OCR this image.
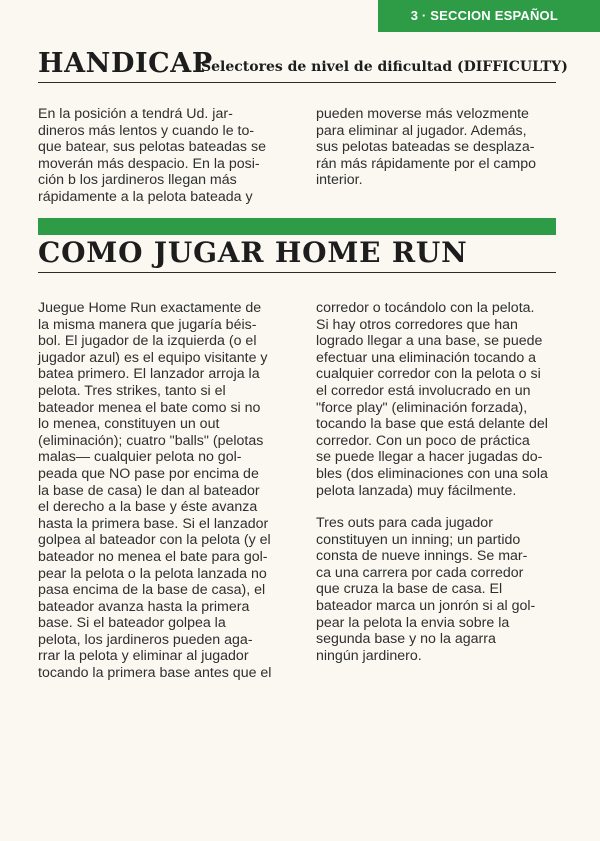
3 · SECCION ESPAÑOL
HANDICAP
Selectores de nivel de dificultad (DIFFICULTY)
En la posición a tendrá Ud. jar-
dineros más lentos y cuando le to-
que batear, sus pelotas bateadas se
moverán más despacio. En la posi-
ción b los jardineros llegan más
rápidamente a la pelota bateada y
pueden moverse más velozmente
para eliminar al jugador. Además,
sus pelotas bateadas se desplaza-
rán más rápidamente por el campo
interior.
COMO JUGAR HOME RUN
Juegue Home Run exactamente de
la misma manera que jugaría béis-
bol. El jugador de la izquierda (o el
jugador azul) es el equipo visitante y
batea primero. El lanzador arroja la
pelota. Tres strikes, tanto si el
bateador menea el bate como si no
lo menea, constituyen un out
(eliminación); cuatro "balls" (pelotas
malas— cualquier pelota no gol-
peada que NO pase por encima de
la base de casa) le dan al bateador
el derecho a la base y éste avanza
hasta la primera base. Si el lanzador
golpea al bateador con la pelota (y el
bateador no menea el bate para gol-
pear la pelota o la pelota lanzada no
pasa encima de la base de casa), el
bateador avanza hasta la primera
base. Si el bateador golpea la
pelota, los jardineros pueden aga-
rrar la pelota y eliminar al jugador
tocando la primera base antes que el
corredor o tocándolo con la pelota.
Si hay otros corredores que han
logrado llegar a una base, se puede
efectuar una eliminación tocando a
cualquier corredor con la pelota o si
el corredor está involucrado en un
"force play" (eliminación forzada),
tocando la base que está delante del
corredor. Con un poco de práctica
se puede llegar a hacer jugadas do-
bles (dos eliminaciones con una sola
pelota lanzada) muy fácilmente.
Tres outs para cada jugador
constituyen un inning; un partido
consta de nueve innings. Se mar-
ca una carrera por cada corredor
que cruza la base de casa. El
bateador marca un jonrón si al gol-
pear la pelota la envia sobre la
segunda base y no la agarra
ningún jardinero.
